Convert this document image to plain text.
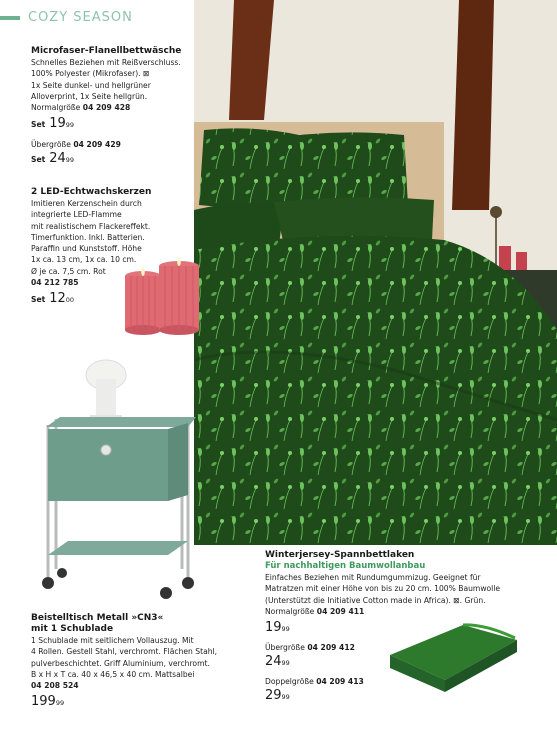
COZY SEASON
Microfaser-Flanellbettwäsche
Schnelles Beziehen mit Reißverschluss.
100% Polyester (Mikrofaser). ⊠
1x Seite dunkel- und hellgrüner
Alloverprint, 1x Seite hellgrün.
Normalgröße 04 209 428
Set 19 99
Übergröße 04 209 429
Set 24 99
2 LED-Echtwachskerzen
Imitieren Kerzenschein durch
integrierte LED-Flamme
mit realistischem Flackereffekt.
Timerfunktion. Inkl. Batterien.
Paraffin und Kunststoff. Höhe
1x ca. 13 cm, 1x ca. 10 cm.
Ø je ca. 7,5 cm. Rot
04 212 785
Set 12 00
Beistelltisch Metall »CN3«
mit 1 Schublade
1 Schublade mit seitlichem Vollauszug. Mit
4 Rollen. Gestell Stahl, verchromt. Flächen Stahl,
pulverbeschichtet. Griff Aluminium, verchromt.
B x H x T ca. 40 x 46,5 x 40 cm. Mattsalbei
04 208 524
199 99
Winterjersey-Spannbettlaken
Für nachhaltigen Baumwollanbau
Einfaches Beziehen mit Rundumgummizug. Geeignet für
Matratzen mit einer Höhe von bis zu 20 cm. 100% Baumwolle
(Unterstützt die Initiative Cotton made in Africa). ⊠. Grün.
Normalgröße 04 209 411
19 99
Übergröße 04 209 412
24 99
Doppelgröße 04 209 413
29 99
